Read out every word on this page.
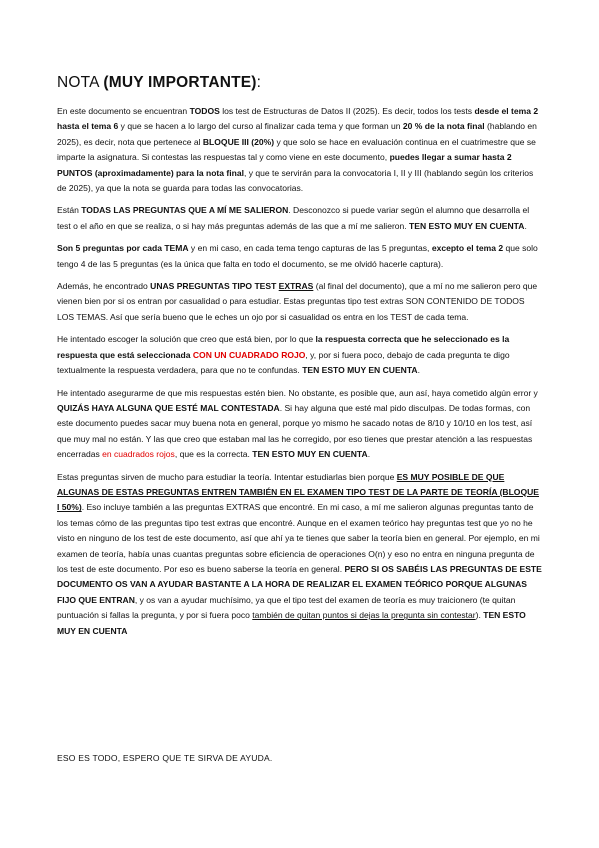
NOTA (MUY IMPORTANTE):

En este documento se encuentran TODOS los test de Estructuras de Datos II (2025). Es decir, todos los tests desde el tema 2 hasta el tema 6 y que se hacen a lo largo del curso al finalizar cada tema y que forman un 20 % de la nota final (hablando en 2025), es decir, nota que pertenece al BLOQUE III (20%) y que solo se hace en evaluación continua en el cuatrimestre que se imparte la asignatura. Si contestas las respuestas tal y como viene en este documento, puedes llegar a sumar hasta 2 PUNTOS (aproximadamente) para la nota final, y que te servirán para la convocatoria I, II y III (hablando según los criterios de 2025), ya que la nota se guarda para todas las convocatorias.

Están TODAS LAS PREGUNTAS QUE A MÍ ME SALIERON. Desconozco si puede variar según el alumno que desarrolla el test o el año en que se realiza, o si hay más preguntas además de las que a mí me salieron. TEN ESTO MUY EN CUENTA.

Son 5 preguntas por cada TEMA y en mi caso, en cada tema tengo capturas de las 5 preguntas, excepto el tema 2 que solo tengo 4 de las 5 preguntas (es la única que falta en todo el documento, se me olvidó hacerle captura).

Además, he encontrado UNAS PREGUNTAS TIPO TEST EXTRAS (al final del documento), que a mí no me salieron pero que vienen bien por si os entran por casualidad o para estudiar. Estas preguntas tipo test extras SON CONTENIDO DE TODOS LOS TEMAS. Así que sería bueno que le eches un ojo por si casualidad os entra en los TEST de cada tema.

He intentado escoger la solución que creo que está bien, por lo que la respuesta correcta que he seleccionado es la respuesta que está seleccionada CON UN CUADRADO ROJO, y, por si fuera poco, debajo de cada pregunta te digo textualmente la respuesta verdadera, para que no te confundas. TEN ESTO MUY EN CUENTA.

He intentado asegurarme de que mis respuestas estén bien. No obstante, es posible que, aun así, haya cometido algún error y QUIZÁS HAYA ALGUNA QUE ESTÉ MAL CONTESTADA. Si hay alguna que esté mal pido disculpas. De todas formas, con este documento puedes sacar muy buena nota en general, porque yo mismo he sacado notas de 8/10 y 10/10 en los test, así que muy mal no están. Y las que creo que estaban mal las he corregido, por eso tienes que prestar atención a las respuestas encerradas en cuadrados rojos, que es la correcta. TEN ESTO MUY EN CUENTA.

Estas preguntas sirven de mucho para estudiar la teoría. Intentar estudiarlas bien porque ES MUY POSIBLE DE QUE ALGUNAS DE ESTAS PREGUNTAS ENTREN TAMBIÉN EN EL EXAMEN TIPO TEST DE LA PARTE DE TEORÍA (BLOQUE I 50%). Eso incluye también a las preguntas EXTRAS que encontré. En mi caso, a mí me salieron algunas preguntas tanto de los temas cómo de las preguntas tipo test extras que encontré. Aunque en el examen teórico hay preguntas test que yo no he visto en ninguno de los test de este documento, así que ahí ya te tienes que saber la teoría bien en general. Por ejemplo, en mi examen de teoría, había unas cuantas preguntas sobre eficiencia de operaciones O(n) y eso no entra en ninguna pregunta de los test de este documento. Por eso es bueno saberse la teoría en general. PERO SI OS SABÉIS LAS PREGUNTAS DE ESTE DOCUMENTO OS VAN A AYUDAR BASTANTE A LA HORA DE REALIZAR EL EXAMEN TEÓRICO PORQUE ALGUNAS FIJO QUE ENTRAN, y os van a ayudar muchísimo, ya que el tipo test del examen de teoría es muy traicionero (te quitan puntuación si fallas la pregunta, y por si fuera poco también de quitan puntos si dejas la pregunta sin contestar). TEN ESTO MUY EN CUENTA

ESO ES TODO, ESPERO QUE TE SIRVA DE AYUDA.
